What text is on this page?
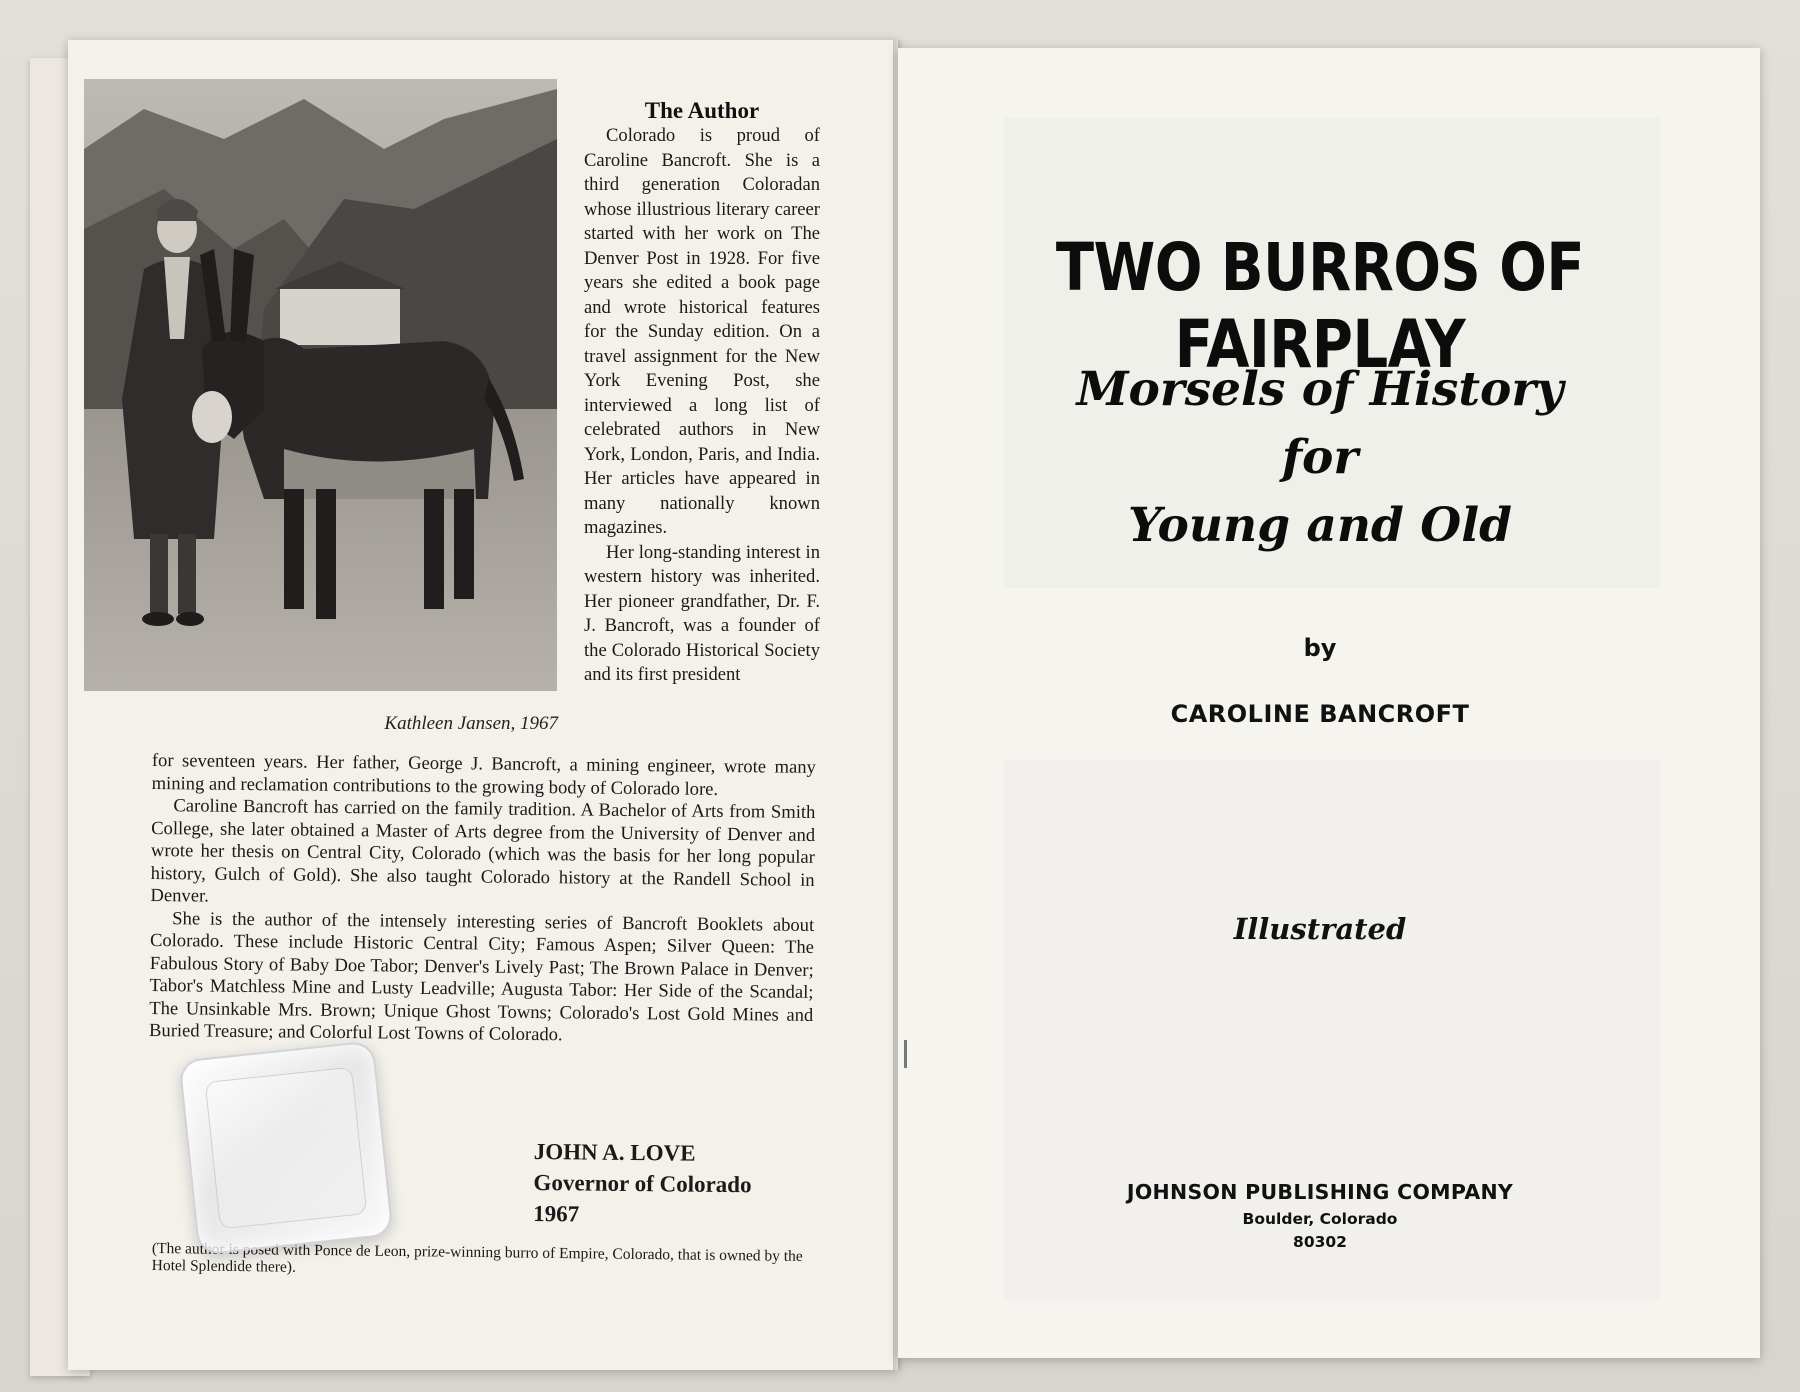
Kathleen Jansen, 1967
The Author

Colorado is proud of Caroline Bancroft. She is a third generation Coloradan whose illustrious literary career started with her work on The Denver Post in 1928. For five years she edited a book page and wrote historical features for the Sunday edition. On a travel assignment for the New York Evening Post, she interviewed a long list of celebrated authors in New York, London, Paris, and India. Her articles have appeared in many nationally known magazines.

Her long-standing interest in western history was inherited. Her pioneer grandfather, Dr. F. J. Bancroft, was a founder of the Colorado Historical Society and its first president

for seventeen years. Her father, George J. Bancroft, a mining engineer, wrote many mining and reclamation contributions to the growing body of Colorado lore.

Caroline Bancroft has carried on the family tradition. A Bachelor of Arts from Smith College, she later obtained a Master of Arts degree from the University of Denver and wrote her thesis on Central City, Colorado (which was the basis for her long popular history, Gulch of Gold). She also taught Colorado history at the Randell School in Denver.

She is the author of the intensely interesting series of Bancroft Booklets about Colorado. These include Historic Central City; Famous Aspen; Silver Queen: The Fabulous Story of Baby Doe Tabor; Denver's Lively Past; The Brown Palace in Denver; Tabor's Matchless Mine and Lusty Leadville; Augusta Tabor: Her Side of the Scandal; The Unsinkable Mrs. Brown; Unique Ghost Towns; Colorado's Lost Gold Mines and Buried Treasure; and Colorful Lost Towns of Colorado.

JOHN A. LOVE
Governor of Colorado
1967
(The author is posed with Ponce de Leon, prize-winning burro of Empire, Colorado, that is owned by the Hotel Splendide there).
TWO BURROS OF FAIRPLAY
Morsels of History
for
Young and Old
by
CAROLINE BANCROFT
Illustrated
JOHNSON PUBLISHING COMPANY
Boulder, Colorado
80302
